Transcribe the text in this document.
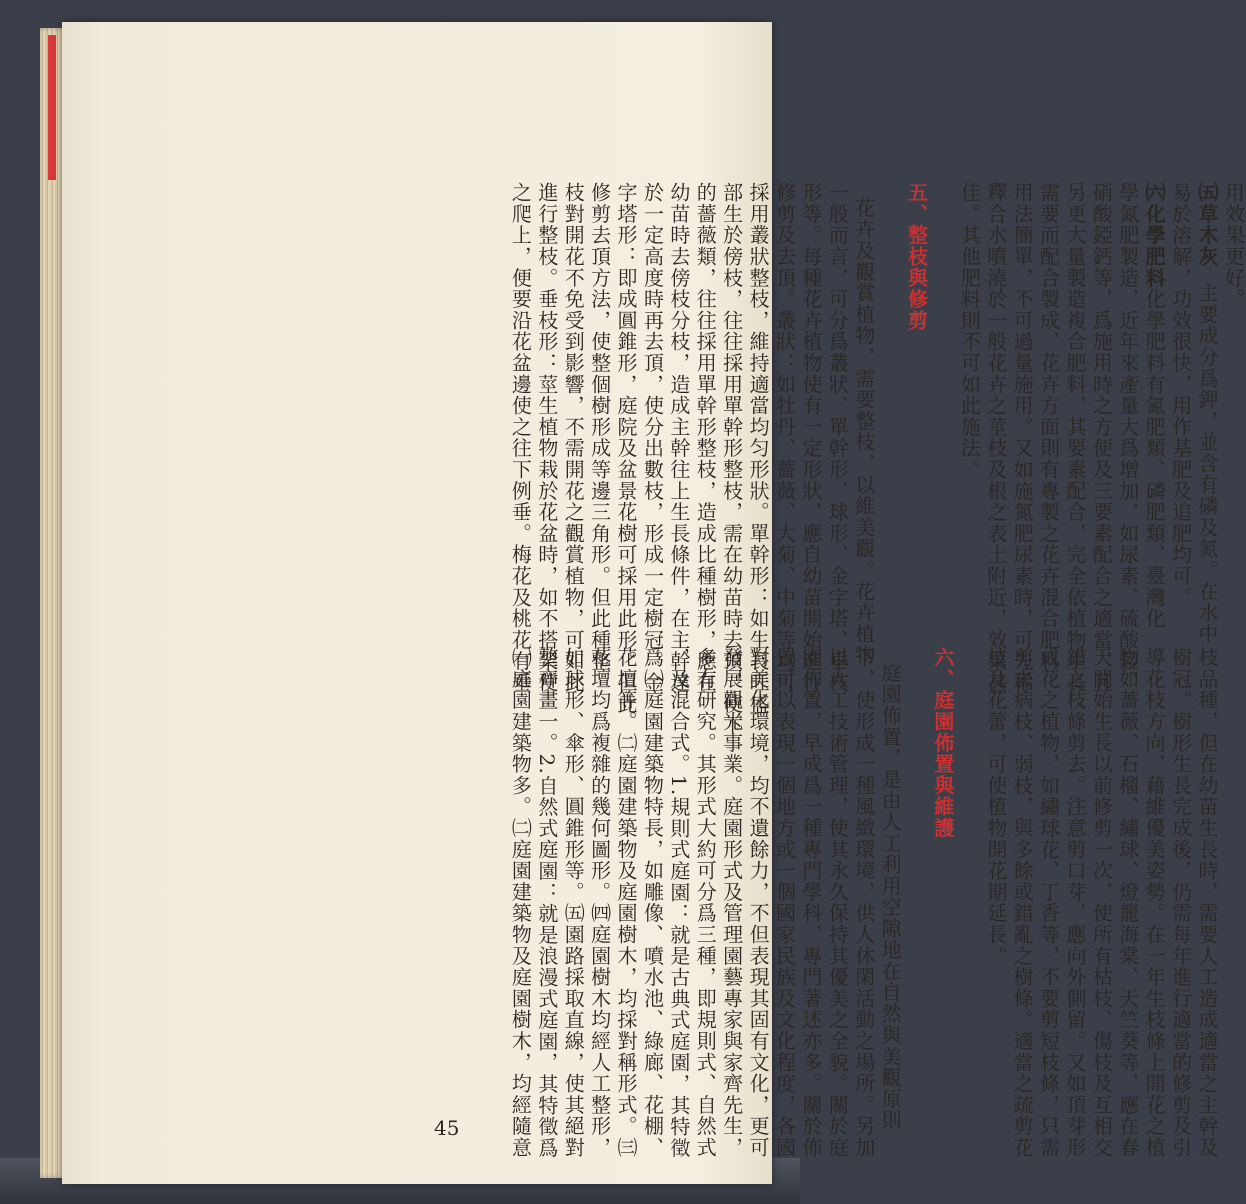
用效果更好。
㈤草木灰  主要成分爲鉀，並含有磷及氮。在水中
易於溶解，功效很快，用作基肥及追肥均可。
㈥化學肥料化學肥料有氮肥類、磷肥類、臺灣化
學氮肥製造，近年來產量大爲增加，如尿素、硫酸錏、
硝酸錏鈣等，爲施用時之方便及三要素配合之適當，且
另更大量製造複合肥料，其要素配合，完全依植物生長
需要而配合製成，花卉方面則有專製之花卉混合肥料，
用法簡單，不可過量施用。又如施氮肥尿素時，可先稀
釋合水噴澆於一般花卉之莖枝及根之表土附近，效果甚
佳。其他肥料則不可如此施法。

五、整枝與修剪

花卉及觀賞植物，需要整枝，以維美觀。花卉植物
一般而言，可分爲叢狀、單幹形、球形、金字塔、垂枝
形等。每種花卉植物使有一定形狀，應自幼苗開始進行
修剪及去頂。叢狀：如牡丹、薔薇、大菊、中菊等均可
採用叢狀整枝，維持適當均匀形狀。單幹形：如生長旺盛
部生於傍枝，往往採用單幹形整枝，需在幼苗時去頂，使下
的薔薇類，往往採用單幹形整枝，造成比種樹形，應在
幼苗時去傍枝分枝，造成主幹往上生長條件，在主幹達
於一定高度時再去頂，使分出數枝，形成一定樹冠。金
字塔形：即成圓錐形，庭院及盆景花樹可採用此形。但此
修剪去頂方法，使整個樹形成等邊三角形。但此種整
枝對開花不免受到影響，不需開花之觀賞植物，可如此
進行整枝。垂枝形：莖生植物栽於花盆時，如不搭架使
之爬上，便要沿花盆邊使之往下例垂。梅花及桃花有垂
枝品種，但在幼苗生長時，需要人工造成適當之主幹及
樹冠。樹形生長完成後，仍需每年進行適當的修剪及引
導花枝方向，藉維優美姿勢。在一年生枝條上開花之植
物如薔薇、石榴、繡球、燈籠海棠、天竺葵等，應在春
天開始生長以前修剪一次，使所有枯枝、傷枝及互相交
錯之枝條剪去。注意剪口芽，應向外側留。又如頂芽形
成花之植物，如繡球花、丁香等，不要剪短枝條，只需
剪去病枝、弱枝，與多餘或錯亂之樹條。適當之疏剪花
枝及花蕾，可使植物開花期延長。

六、庭園佈置與維護

庭園佈置，是由人工利用空隙地在自然與美觀原則
下，使形成一種風緻環境，供人休閑活動之場所。另加
以人工技術管理，使其永久保持其優美之全貌。關於庭
園佈置，早成爲一種專門學科，專門著述亦多。關於佈
置可以表現一個地方或一個國家民族及文化程度，各國
對美化環境，均不遺餘力，不但表現其固有文化，更可
發展觀光事業。庭園形式及管理園藝專家與家齊先生，
多有研究。其形式大約可分爲三種，即規則式、自然式
，及混合式。1.規則式庭園：就是古典式庭園，其特徵
爲㈠庭園建築物特長，如雕像、噴水池、綠廊、花棚、
花壇等。㈡庭園建築物及庭園樹木，均採對稱形式。㈢
花壇均爲複雜的幾何圖形。㈣庭園樹木均經人工整形，
如球形、傘形、圓錐形等。㈤園路採取直線，使其絕對
整齊畫一。2.自然式庭園：就是浪漫式庭園，其特徵爲
㈠庭園建築物多。㈡庭園建築物及庭園樹木，均經隨意
45
